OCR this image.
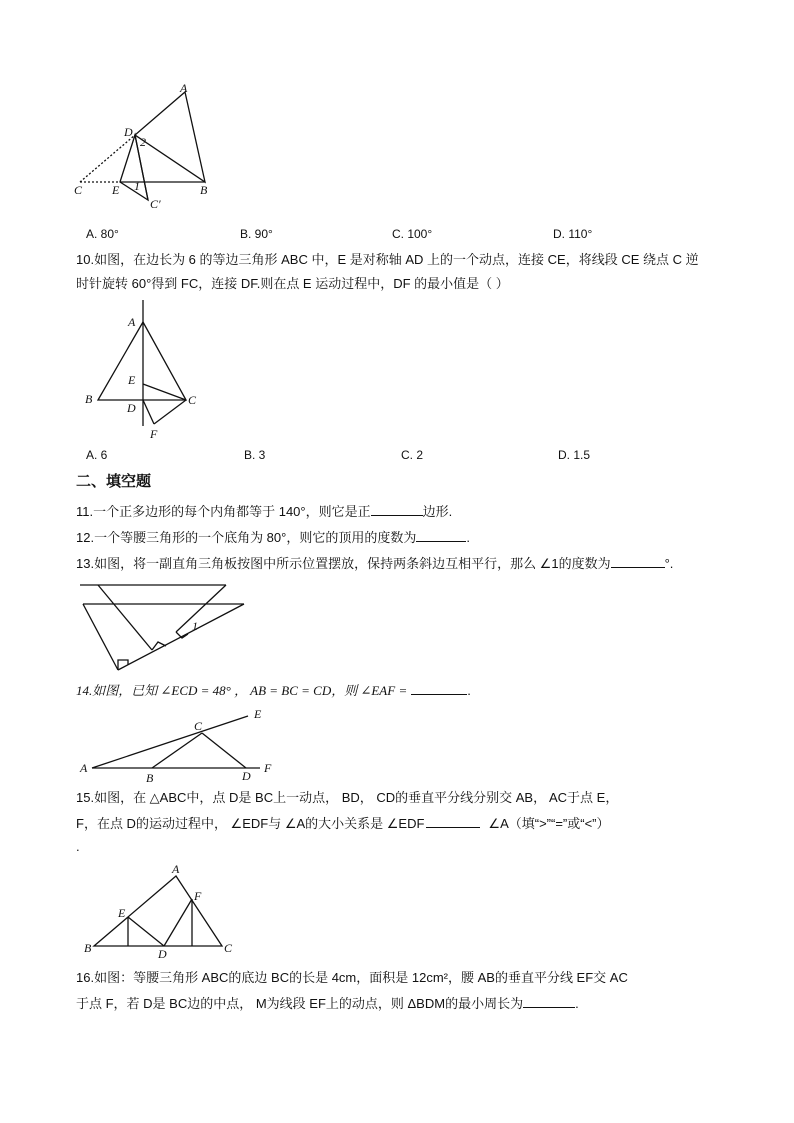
A
D
2
C E 1	B
C′
A. 80°	B. 90°	C. 100°	D. 110°
10.如图，在边长为 6 的等边三角形 ABC 中，E 是对称轴 AD 上的一个动点，连接 CE，将线段 CE 绕点 C 逆
时针旋转 60°得到 FC，连接 DF.则在点 E 运动过程中，DF 的最小值是（ ）
A
E
B
D
C
F
A. 6	B. 3	C. 2	D. 1.5
二、填空题
11.一个正多边形的每个内角都等于 140°，则它是正	边形.
12.一个等腰三角形的一个底角为 80°，则它的顶用的度数为	.
13.如图，将一副直角三角板按图中所示位置摆放，保持两条斜边互相平行，那么 ∠1的度数为	°.
1
14.如图，已知 ∠ECD = 48° ， AB = BC = CD，则 ∠EAF =	.
C
E
A
B	D
F
15.如图，在 △ABC中，点 D是 BC上一动点， BD， CD的垂直平分线分别交 AB， AC于点 E，
F，在点 D的运动过程中， ∠EDF与 ∠A的大小关系是 ∠EDF	∠A（填“>”“=”或“<”）
.
A
E
F
B	D	C
16.如图：等腰三角形 ABC的底边 BC的长是 4cm，面积是 12cm²，腰 AB的垂直平分线 EF交 AC
于点 F，若 D是 BC边的中点， M为线段 EF上的动点，则 ΔBDM的最小周长为	.
